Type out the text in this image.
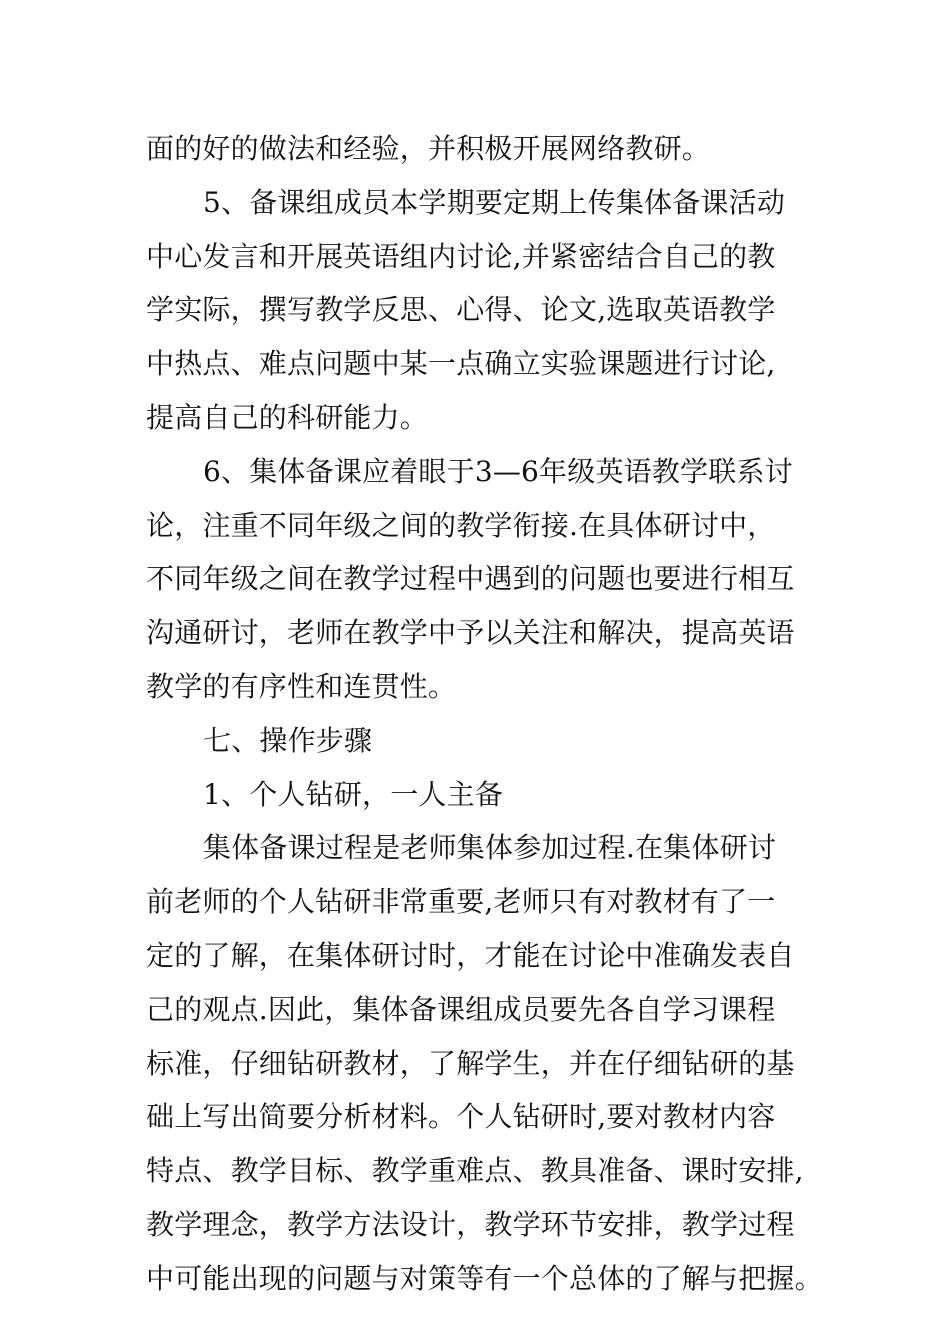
面的好的做法和经验，并积极开展网络教研。
5、备课组成员本学期要定期上传集体备课活动
中心发言和开展英语组内讨论,并紧密结合自己的教
学实际，撰写教学反思、心得、论文,选取英语教学
中热点、难点问题中某一点确立实验课题进行讨论,
提高自己的科研能力。
6、集体备课应着眼于3—6年级英语教学联系讨
论，注重不同年级之间的教学衔接.在具体研讨中，
不同年级之间在教学过程中遇到的问题也要进行相互
沟通研讨，老师在教学中予以关注和解决，提高英语
教学的有序性和连贯性。
七、操作步骤
1、个人钻研，一人主备
集体备课过程是老师集体参加过程.在集体研讨
前老师的个人钻研非常重要,老师只有对教材有了一
定的了解，在集体研讨时，才能在讨论中准确发表自
己的观点.因此，集体备课组成员要先各自学习课程
标准，仔细钻研教材，了解学生，并在仔细钻研的基
础上写出简要分析材料。个人钻研时,要对教材内容
特点、教学目标、教学重难点、教具准备、课时安排,
教学理念，教学方法设计，教学环节安排，教学过程
中可能出现的问题与对策等有一个总体的了解与把握。
